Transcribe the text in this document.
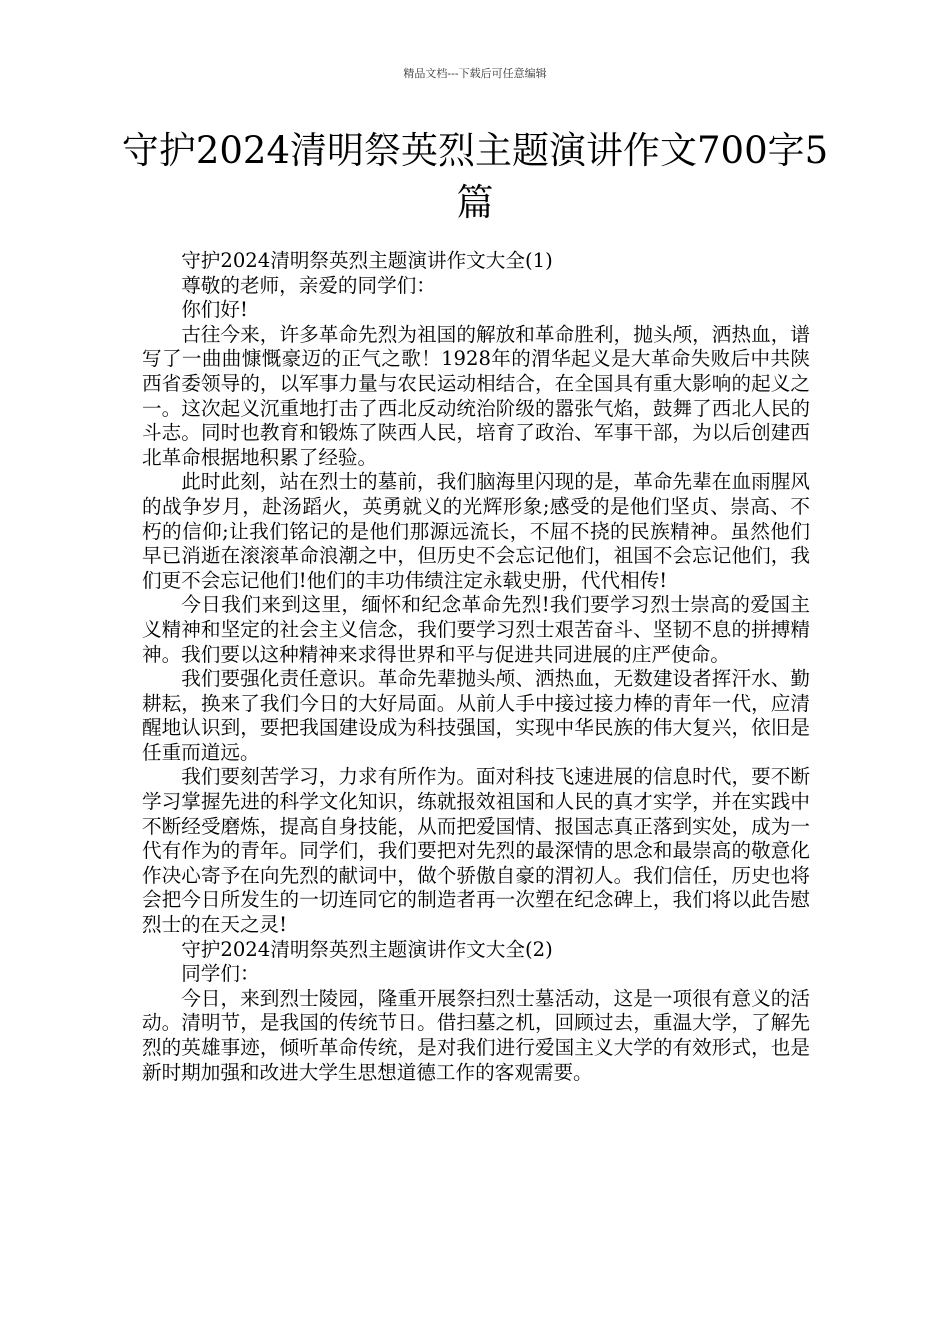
精品文档---下载后可任意编辑
守护2024清明祭英烈主题演讲作文700字5篇

守护2024清明祭英烈主题演讲作文大全(1)

尊敬的老师，亲爱的同学们：

你们好!

古往今来，许多革命先烈为祖国的解放和革命胜利，抛头颅，洒热血，谱写了一曲曲慷慨豪迈的正气之歌！1928年的渭华起义是大革命失败后中共陕西省委领导的，以军事力量与农民运动相结合，在全国具有重大影响的起义之一。这次起义沉重地打击了西北反动统治阶级的嚣张气焰，鼓舞了西北人民的斗志。同时也教育和锻炼了陕西人民，培育了政治、军事干部，为以后创建西北革命根据地积累了经验。

此时此刻，站在烈士的墓前，我们脑海里闪现的是，革命先辈在血雨腥风的战争岁月，赴汤蹈火，英勇就义的光辉形象;感受的是他们坚贞、崇高、不朽的信仰;让我们铭记的是他们那源远流长，不屈不挠的民族精神。虽然他们早已消逝在滚滚革命浪潮之中，但历史不会忘记他们，祖国不会忘记他们，我们更不会忘记他们!他们的丰功伟绩注定永载史册，代代相传!

今日我们来到这里，缅怀和纪念革命先烈!我们要学习烈士崇高的爱国主义精神和坚定的社会主义信念，我们要学习烈士艰苦奋斗、坚韧不息的拼搏精神。我们要以这种精神来求得世界和平与促进共同进展的庄严使命。

我们要强化责任意识。革命先辈抛头颅、洒热血，无数建设者挥汗水、勤耕耘，换来了我们今日的大好局面。从前人手中接过接力棒的青年一代，应清醒地认识到，要把我国建设成为科技强国，实现中华民族的伟大复兴，依旧是任重而道远。

我们要刻苦学习，力求有所作为。面对科技飞速进展的信息时代，要不断学习掌握先进的科学文化知识，练就报效祖国和人民的真才实学，并在实践中不断经受磨炼，提高自身技能，从而把爱国情、报国志真正落到实处，成为一代有作为的青年。同学们，我们要把对先烈的最深情的思念和最崇高的敬意化作决心寄予在向先烈的献词中，做个骄傲自豪的渭初人。我们信任，历史也将会把今日所发生的一切连同它的制造者再一次塑在纪念碑上，我们将以此告慰烈士的在天之灵!

守护2024清明祭英烈主题演讲作文大全(2)

同学们：

今日，来到烈士陵园，隆重开展祭扫烈士墓活动，这是一项很有意义的活动。清明节，是我国的传统节日。借扫墓之机，回顾过去，重温大学，了解先烈的英雄事迹，倾听革命传统，是对我们进行爱国主义大学的有效形式，也是新时期加强和改进大学生思想道德工作的客观需要。
